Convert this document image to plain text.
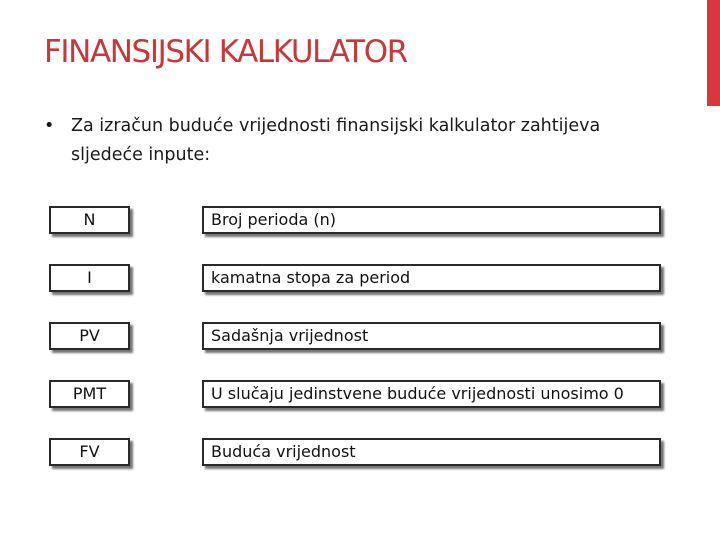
FINANSIJSKI KALKULATOR
• Za izračun buduće vrijednosti finansijski kalkulator zahtijeva sljedeće inpute:
N	Broj perioda (n)
I	kamatna stopa za period
PV	Sadašnja vrijednost
PMT	U slučaju jedinstvene buduće vrijednosti unosimo 0
FV	Buduća vrijednost
